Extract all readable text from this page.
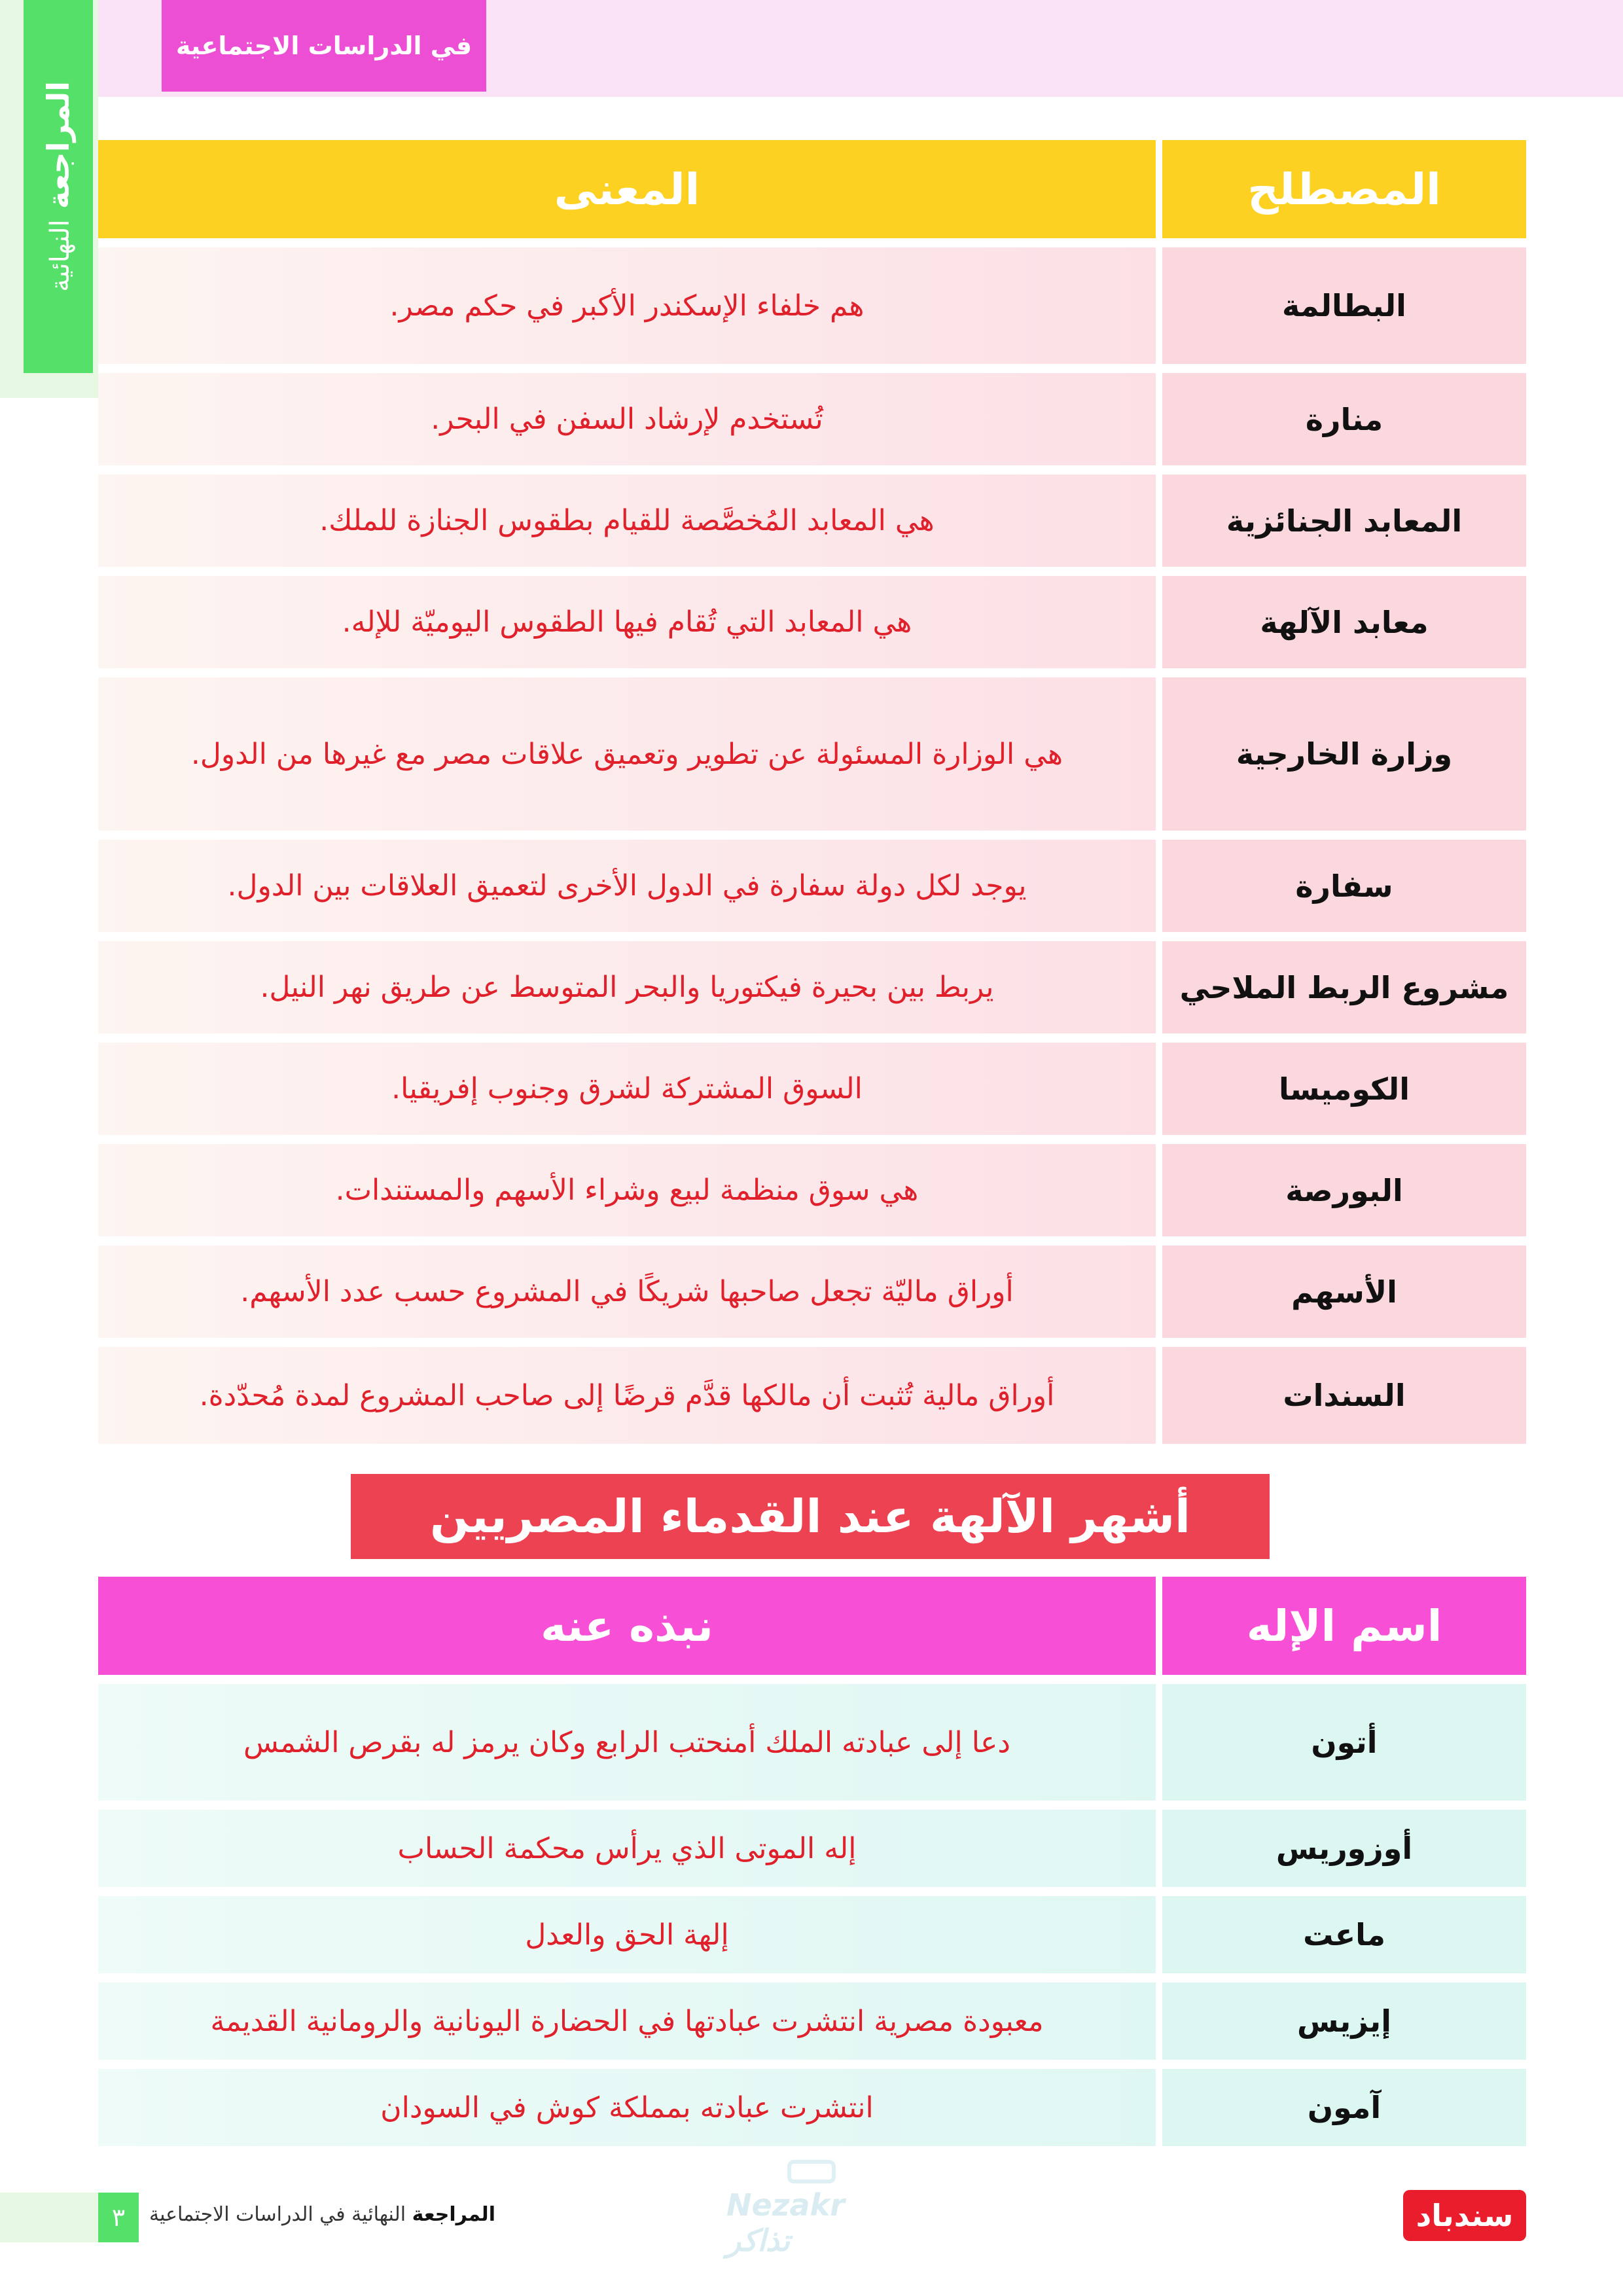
في الدراسات الاجتماعية
المراجعة النهائية
المعنى		المصطلح
هم خلفاء الإسكندر الأكبر في حكم مصر.		البطالمة
تُستخدم لإرشاد السفن في البحر.		منارة
هي المعابد المُخصَّصة للقيام بطقوس الجنازة للملك.		المعابد الجنائزية
هي المعابد التي تُقام فيها الطقوس اليوميّة للإله.		معابد الآلهة
هي الوزارة المسئولة عن تطوير وتعميق علاقات مصر مع غيرها من الدول.		وزارة الخارجية
يوجد لكل دولة سفارة في الدول الأخرى لتعميق العلاقات بين الدول.		سفارة
يربط بين بحيرة فيكتوريا والبحر المتوسط عن طريق نهر النيل.		مشروع الربط الملاحي
السوق المشتركة لشرق وجنوب إفريقيا.		الكوميسا
هي سوق منظمة لبيع وشراء الأسهم والمستندات.		البورصة
أوراق ماليّة تجعل صاحبها شريكًا في المشروع حسب عدد الأسهم.		الأسهم
أوراق مالية تُثبت أن مالكها قدَّم قرضًا إلى صاحب المشروع لمدة مُحدّدة.		السندات
أشهر الآلهة عند القدماء المصريين
نبذه عنه		اسم الإله
دعا إلى عبادته الملك أمنحتب الرابع وكان يرمز له بقرص الشمس		أتون
إله الموتى الذي يرأس محكمة الحساب		أوزوريس
إلهة الحق والعدل		ماعت
معبودة مصرية انتشرت عبادتها في الحضارة اليونانية والرومانية القديمة		إيزيس
انتشرت عبادته بمملكة كوش في السودان		آمون
٣	المراجعة النهائية في الدراسات الاجتماعية	Nezakr تذاكر
سندباد
